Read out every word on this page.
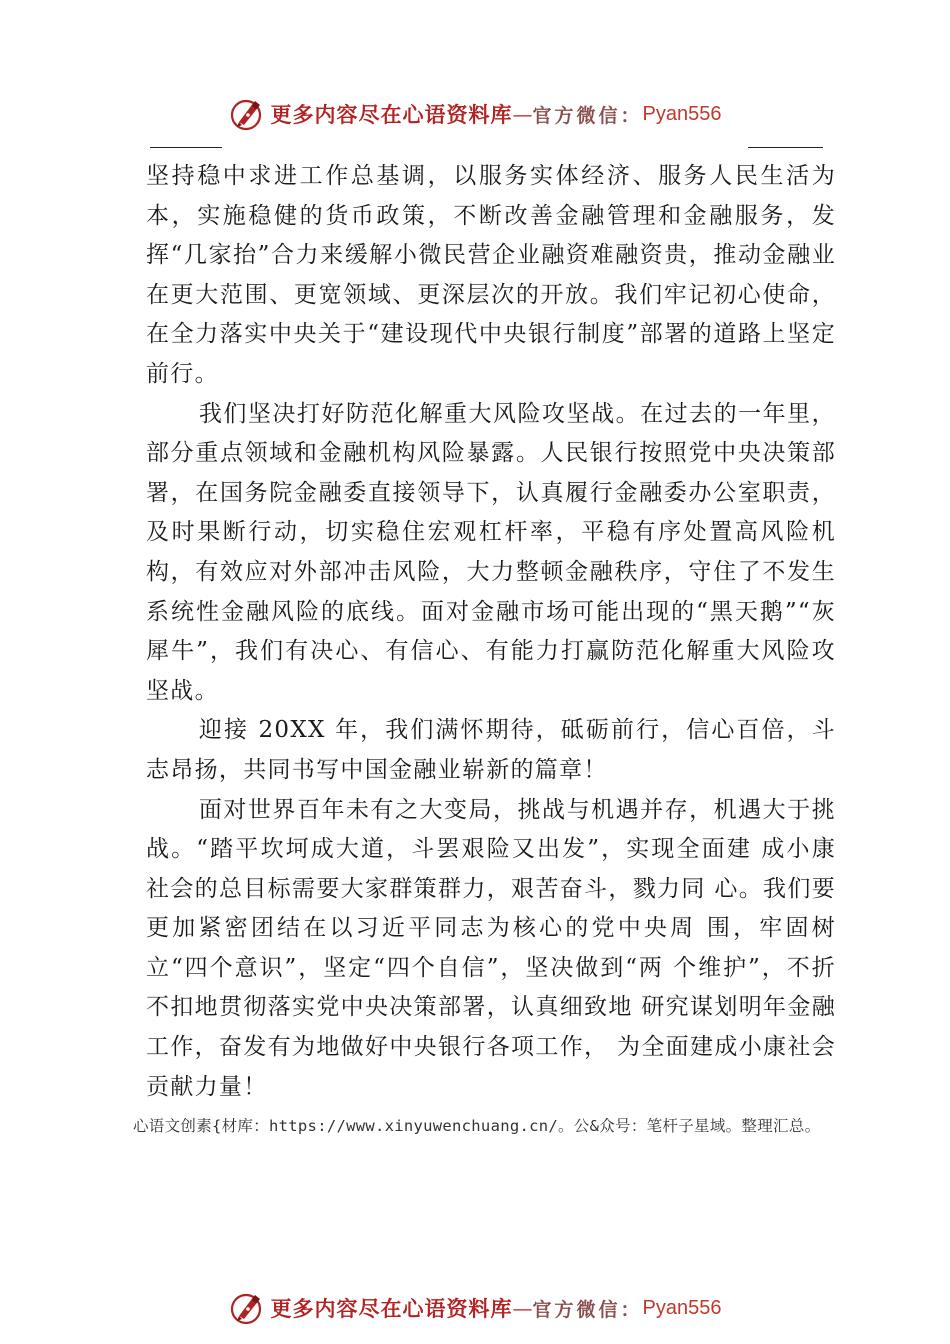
更多内容尽在心语资料库 — 官方微信： Pyan556

坚持稳中求进工作总基调，以服务实体经济、服务人民生活为本，实施稳健的货币政策，不断改善金融管理和金融服务，发挥“几家抬”合力来缓解小微民营企业融资难融资贵，推动金融业在更大范围、更宽领域、更深层次的开放。我们牢记初心使命，在全力落实中央关于“建设现代中央银行制度”部署的道路上坚定前行。

我们坚决打好防范化解重大风险攻坚战。在过去的一年里，部分重点领域和金融机构风险暴露。人民银行按照党中央决策部署，在国务院金融委直接领导下，认真履行金融委办公室职责，及时果断行动，切实稳住宏观杠杆率，平稳有序处置高风险机构，有效应对外部冲击风险，大力整顿金融秩序，守住了不发生系统性金融风险的底线。面对金融市场可能出现的“黑天鹅”“灰犀牛”，我们有决心、有信心、有能力打赢防范化解重大风险攻坚战。

迎接 20XX 年，我们满怀期待，砥砺前行，信心百倍，斗志昂扬，共同书写中国金融业崭新的篇章！

面对世界百年未有之大变局，挑战与机遇并存，机遇大于挑战。“踏平坎坷成大道，斗罢艰险又出发”，实现全面建 成小康社会的总目标需要大家群策群力，艰苦奋斗，戮力同 心。我们要更加紧密团结在以习近平同志为核心的党中央周 围，牢固树立“四个意识”，坚定“四个自信”，坚决做到“两 个维护”，不折不扣地贯彻落实党中央决策部署，认真细致地 研究谋划明年金融工作，奋发有为地做好中央银行各项工作， 为全面建成小康社会贡献力量！

心语文创素{材库：https://www.xinyuwenchuang.cn/。公&众号：笔杆子星域。整理汇总。
更多内容尽在心语资料库 — 官方微信： Pyan556
